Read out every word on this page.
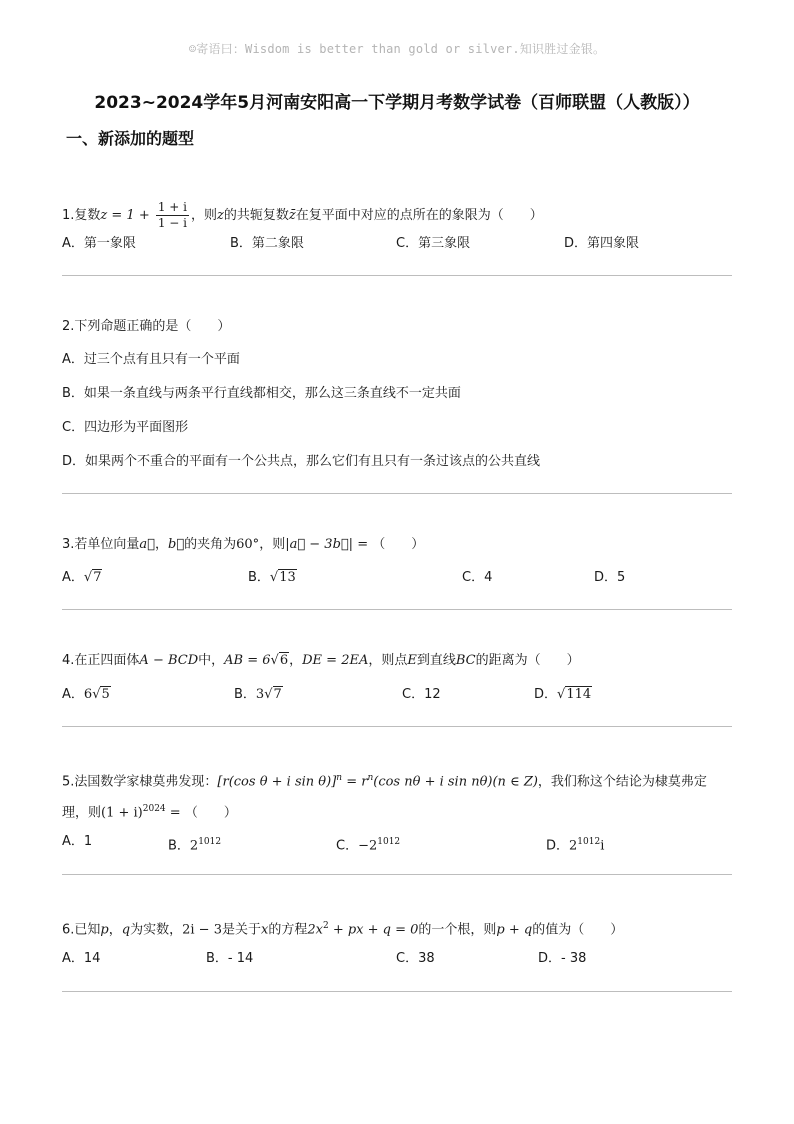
☺寄语曰：Wisdom is better than gold or silver.知识胜过金银。
2023~2024学年5月河南安阳高一下学期月考数学试卷（百师联盟（人教版））
一、新添加的题型
1.复数$z = 1 + \frac{1 + i}{1 - i}$ ，则z的共轭复数z̄在复平面中对应的点所在的象限为（　　）
A．第一象限	B．第二象限	C．第三象限	D．第四象限
2.下列命题正确的是（　　）
A．过三个点有且只有一个平面
B．如果一条直线与两条平行直线都相交，那么这三条直线不一定共面
C．四边形为平面图形
D．如果两个不重合的平面有一个公共点，那么它们有且只有一条过该点的公共直线
3.若单位向量a⃗，b⃗的夹角为60°，则|a⃗ − 3b⃗| = （　　）
A．√7	B．√13	C．4	D．5
4.在正四面体A − BCD中，AB = 6√6，DE = 2EA，则点E到直线BC的距离为（　　）
A．6√5	B．3√7	C．12	D．√114
5.法国数学家棣莫弗发现：[r(cos θ + i $\sin \theta)]^n = r^n(\cos$ nθ + i sin nθ)(n ∈ Z)，我们称这个结论为棣莫弗定
理，则$(1 + i)^{2024}$ = （　　）
A．1	B．$2^{1012}$	C．$-2^{1012}$	D．$2^{1012}i$
6.已知p，q为实数，2i − 3是关于x的方程$2x^2$ + px + q = 0的一个根，则p + q的值为（　　）
A．14	B．- 14	C．38	D．- 38
